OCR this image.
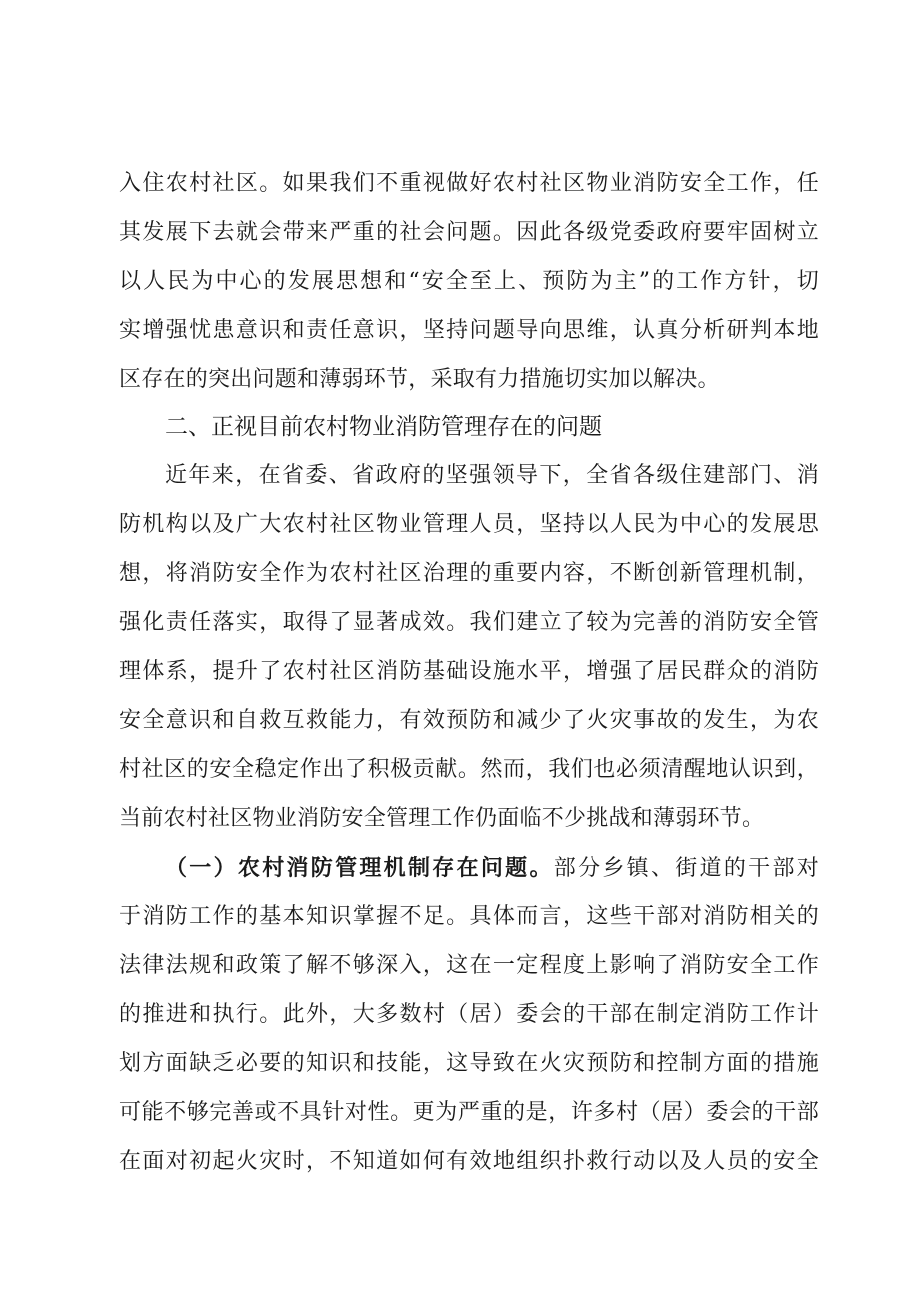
入住农村社区。如果我们不重视做好农村社区物业消防安全工作，任
其发展下去就会带来严重的社会问题。因此各级党委政府要牢固树立
以人民为中心的发展思想和“安全至上、预防为主”的工作方针，切
实增强忧患意识和责任意识，坚持问题导向思维，认真分析研判本地
区存在的突出问题和薄弱环节，采取有力措施切实加以解决。
二、正视目前农村物业消防管理存在的问题
近年来，在省委、省政府的坚强领导下，全省各级住建部门、消
防机构以及广大农村社区物业管理人员，坚持以人民为中心的发展思
想，将消防安全作为农村社区治理的重要内容，不断创新管理机制，
强化责任落实，取得了显著成效。我们建立了较为完善的消防安全管
理体系，提升了农村社区消防基础设施水平，增强了居民群众的消防
安全意识和自救互救能力，有效预防和减少了火灾事故的发生，为农
村社区的安全稳定作出了积极贡献。然而，我们也必须清醒地认识到，
当前农村社区物业消防安全管理工作仍面临不少挑战和薄弱环节。
（一）农村消防管理机制存在问题。部分乡镇、街道的干部对
于消防工作的基本知识掌握不足。具体而言，这些干部对消防相关的
法律法规和政策了解不够深入，这在一定程度上影响了消防安全工作
的推进和执行。此外，大多数村（居）委会的干部在制定消防工作计
划方面缺乏必要的知识和技能，这导致在火灾预防和控制方面的措施
可能不够完善或不具针对性。更为严重的是，许多村（居）委会的干部
在面对初起火灾时，不知道如何有效地组织扑救行动以及人员的安全
